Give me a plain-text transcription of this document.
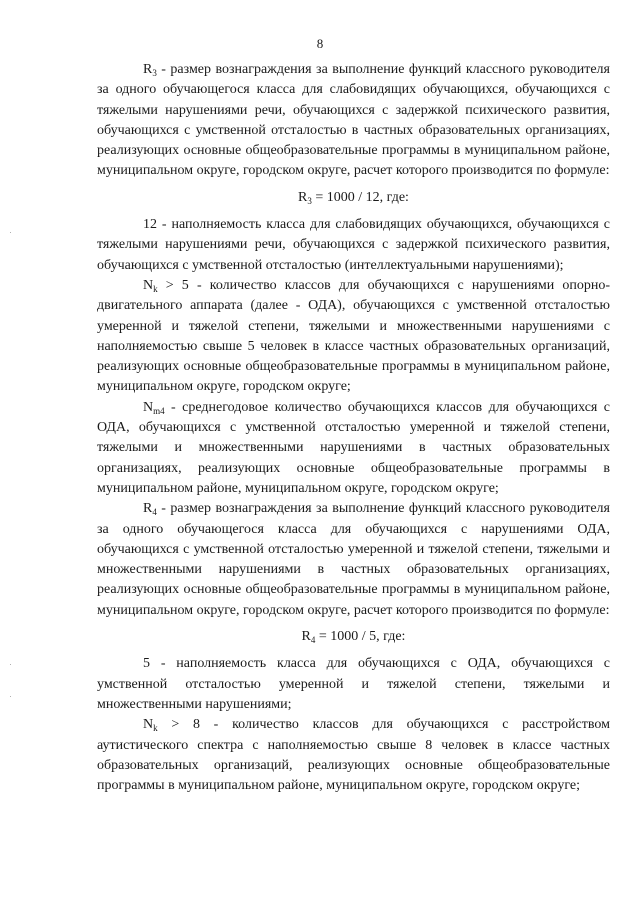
8

$R_3$ - размер вознаграждения за выполнение функций классного руководителя за одного обучающегося класса для слабовидящих обучающихся, обучающихся с тяжелыми нарушениями речи, обучающихся с задержкой психического развития, обучающихся с умственной отсталостью в частных образовательных организациях, реализующих основные общеобразовательные программы в муниципальном районе, муниципальном округе, городском округе, расчет которого производится по формуле:

$R_3 = 1000 / 12$, где:

12 - наполняемость класса для слабовидящих обучающихся, обучающихся с тяжелыми нарушениями речи, обучающихся с задержкой психического развития, обучающихся с умственной отсталостью (интеллектуальными нарушениями);

$N_k > 5$ - количество классов для обучающихся с нарушениями опорно-двигательного аппарата (далее - ОДА), обучающихся с умственной отсталостью умеренной и тяжелой степени, тяжелыми и множественными нарушениями с наполняемостью свыше 5 человек в классе частных образовательных организаций, реализующих основные общеобразовательные программы в муниципальном районе, муниципальном округе, городском округе;

$N_{m4}$ - среднегодовое количество обучающихся классов для обучающихся с ОДА, обучающихся с умственной отсталостью умеренной и тяжелой степени, тяжелыми и множественными нарушениями в частных образовательных организациях, реализующих основные общеобразовательные программы в муниципальном районе, муниципальном округе, городском округе;

$R_4$ - размер вознаграждения за выполнение функций классного руководителя за одного обучающегося класса для обучающихся с нарушениями ОДА, обучающихся с умственной отсталостью умеренной и тяжелой степени, тяжелыми и множественными нарушениями в частных образовательных организациях, реализующих основные общеобразовательные программы в муниципальном районе, муниципальном округе, городском округе, расчет которого производится по формуле:

$R_4 = 1000 / 5$, где:

5 - наполняемость класса для обучающихся с ОДА, обучающихся с умственной отсталостью умеренной и тяжелой степени, тяжелыми и множественными нарушениями;

$N_k > 8$ - количество классов для обучающихся с расстройством аутистического спектра с наполняемостью свыше 8 человек в классе частных образовательных организаций, реализующих основные общеобразовательные программы в муниципальном районе, муниципальном округе, городском округе;
